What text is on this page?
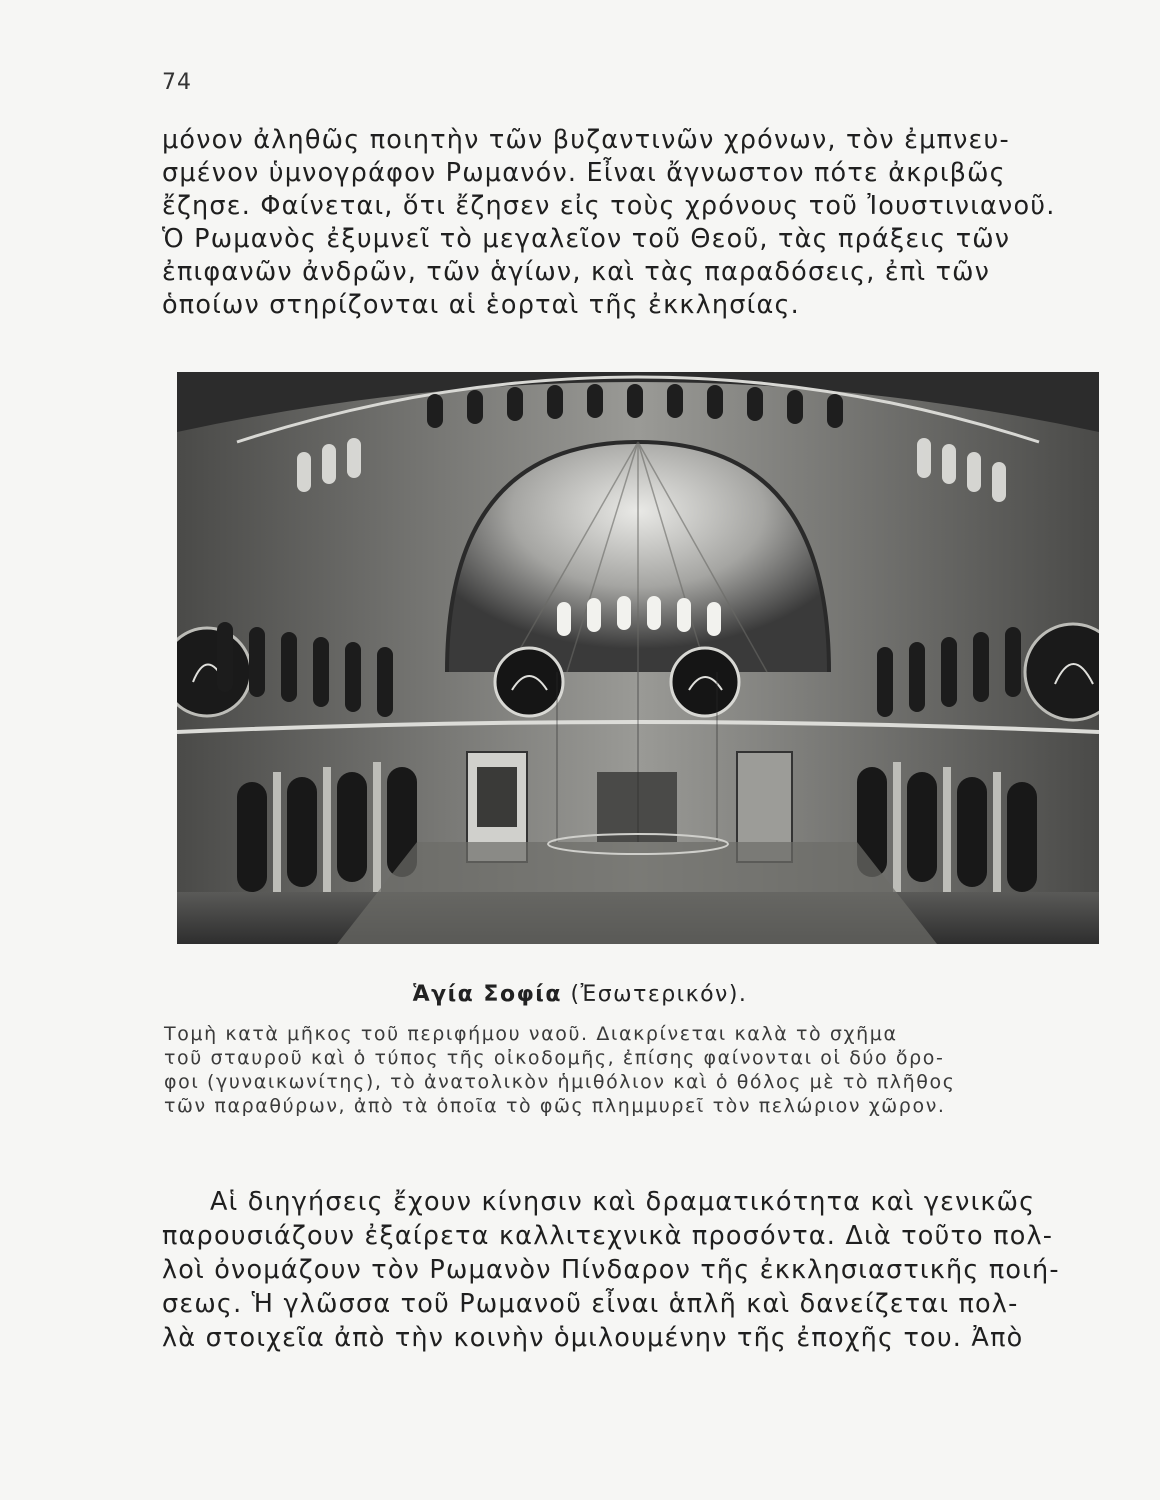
74
μόνον ἀληθῶς ποιητὴν τῶν βυζαντινῶν χρόνων, τὸν ἐμπνευ-
σμένον ὑμνογράφον Ρωμανόν. Εἶναι ἄγνωστον πότε ἀκριβῶς
ἔζησε. Φαίνεται, ὅτι ἔζησεν εἰς τοὺς χρόνους τοῦ Ἰουστινιανοῦ.
Ὁ Ρωμανὸς ἐξυμνεῖ τὸ μεγαλεῖον τοῦ Θεοῦ, τὰς πράξεις τῶν
ἐπιφανῶν ἀνδρῶν, τῶν ἁγίων, καὶ τὰς παραδόσεις, ἐπὶ τῶν
ὁποίων στηρίζονται αἱ ἑορταὶ τῆς ἐκκλησίας.
Ἁγία Σοφία (Ἐσωτερικόν).
Τομὴ κατὰ μῆκος τοῦ περιφήμου ναοῦ. Διακρίνεται καλὰ τὸ σχῆμα
τοῦ σταυροῦ καὶ ὁ τύπος τῆς οἰκοδομῆς, ἐπίσης φαίνονται οἱ δύο ὄρο-
φοι (γυναικωνίτης), τὸ ἀνατολικὸν ἡμιθόλιον καὶ ὁ θόλος μὲ τὸ πλῆθος
τῶν παραθύρων, ἀπὸ τὰ ὁποῖα τὸ φῶς πλημμυρεῖ τὸν πελώριον χῶρον.
Αἱ διηγήσεις ἔχουν κίνησιν καὶ δραματικότητα καὶ γενικῶς
παρουσιάζουν ἐξαίρετα καλλιτεχνικὰ προσόντα. Διὰ τοῦτο πολ-
λοὶ ὀνομάζουν τὸν Ρωμανὸν Πίνδαρον τῆς ἐκκλησιαστικῆς ποιή-
σεως. Ἡ γλῶσσα τοῦ Ρωμανοῦ εἶναι ἁπλῆ καὶ δανείζεται πολ-
λὰ στοιχεῖα ἀπὸ τὴν κοινὴν ὁμιλουμένην τῆς ἐποχῆς του. Ἀπὸ
